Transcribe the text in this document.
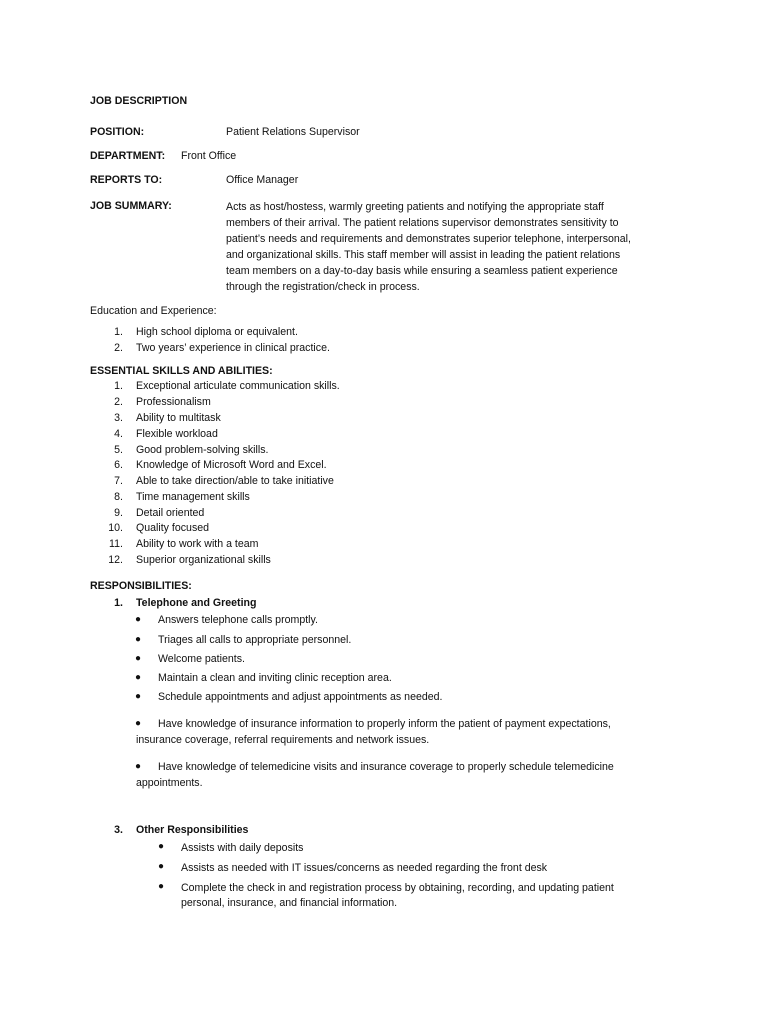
JOB DESCRIPTION
POSITION:	Patient Relations Supervisor
DEPARTMENT: Front Office
REPORTS TO:	Office Manager
JOB SUMMARY:	Acts as host/hostess, warmly greeting patients and notifying the appropriate staff
members of their arrival. The patient relations supervisor demonstrates sensitivity to
patient’s needs and requirements and demonstrates superior telephone, interpersonal,
and organizational skills. This staff member will assist in leading the patient relations
team members on a day-to-day basis while ensuring a seamless patient experience
through the registration/check in process.
Education and Experience:
1. High school diploma or equivalent.
2. Two years’ experience in clinical practice.
ESSENTIAL SKILLS AND ABILITIES:
1. Exceptional articulate communication skills.
2. Professionalism
3. Ability to multitask
4. Flexible workload
5. Good problem-solving skills.
6. Knowledge of Microsoft Word and Excel.
7. Able to take direction/able to take initiative
8. Time management skills
9. Detail oriented
10. Quality focused
11. Ability to work with a team
12. Superior organizational skills
RESPONSIBILITIES:
1. Telephone and Greeting
● Answers telephone calls promptly.
● Triages all calls to appropriate personnel.
● Welcome patients.
● Maintain a clean and inviting clinic reception area.
● Schedule appointments and adjust appointments as needed.
● Have knowledge of insurance information to properly inform the patient of payment expectations,
insurance coverage, referral requirements and network issues.
● Have knowledge of telemedicine visits and insurance coverage to properly schedule telemedicine
appointments.
3. Other Responsibilities
● Assists with daily deposits
● Assists as needed with IT issues/concerns as needed regarding the front desk
● Complete the check in and registration process by obtaining, recording, and updating patient
personal, insurance, and financial information.
